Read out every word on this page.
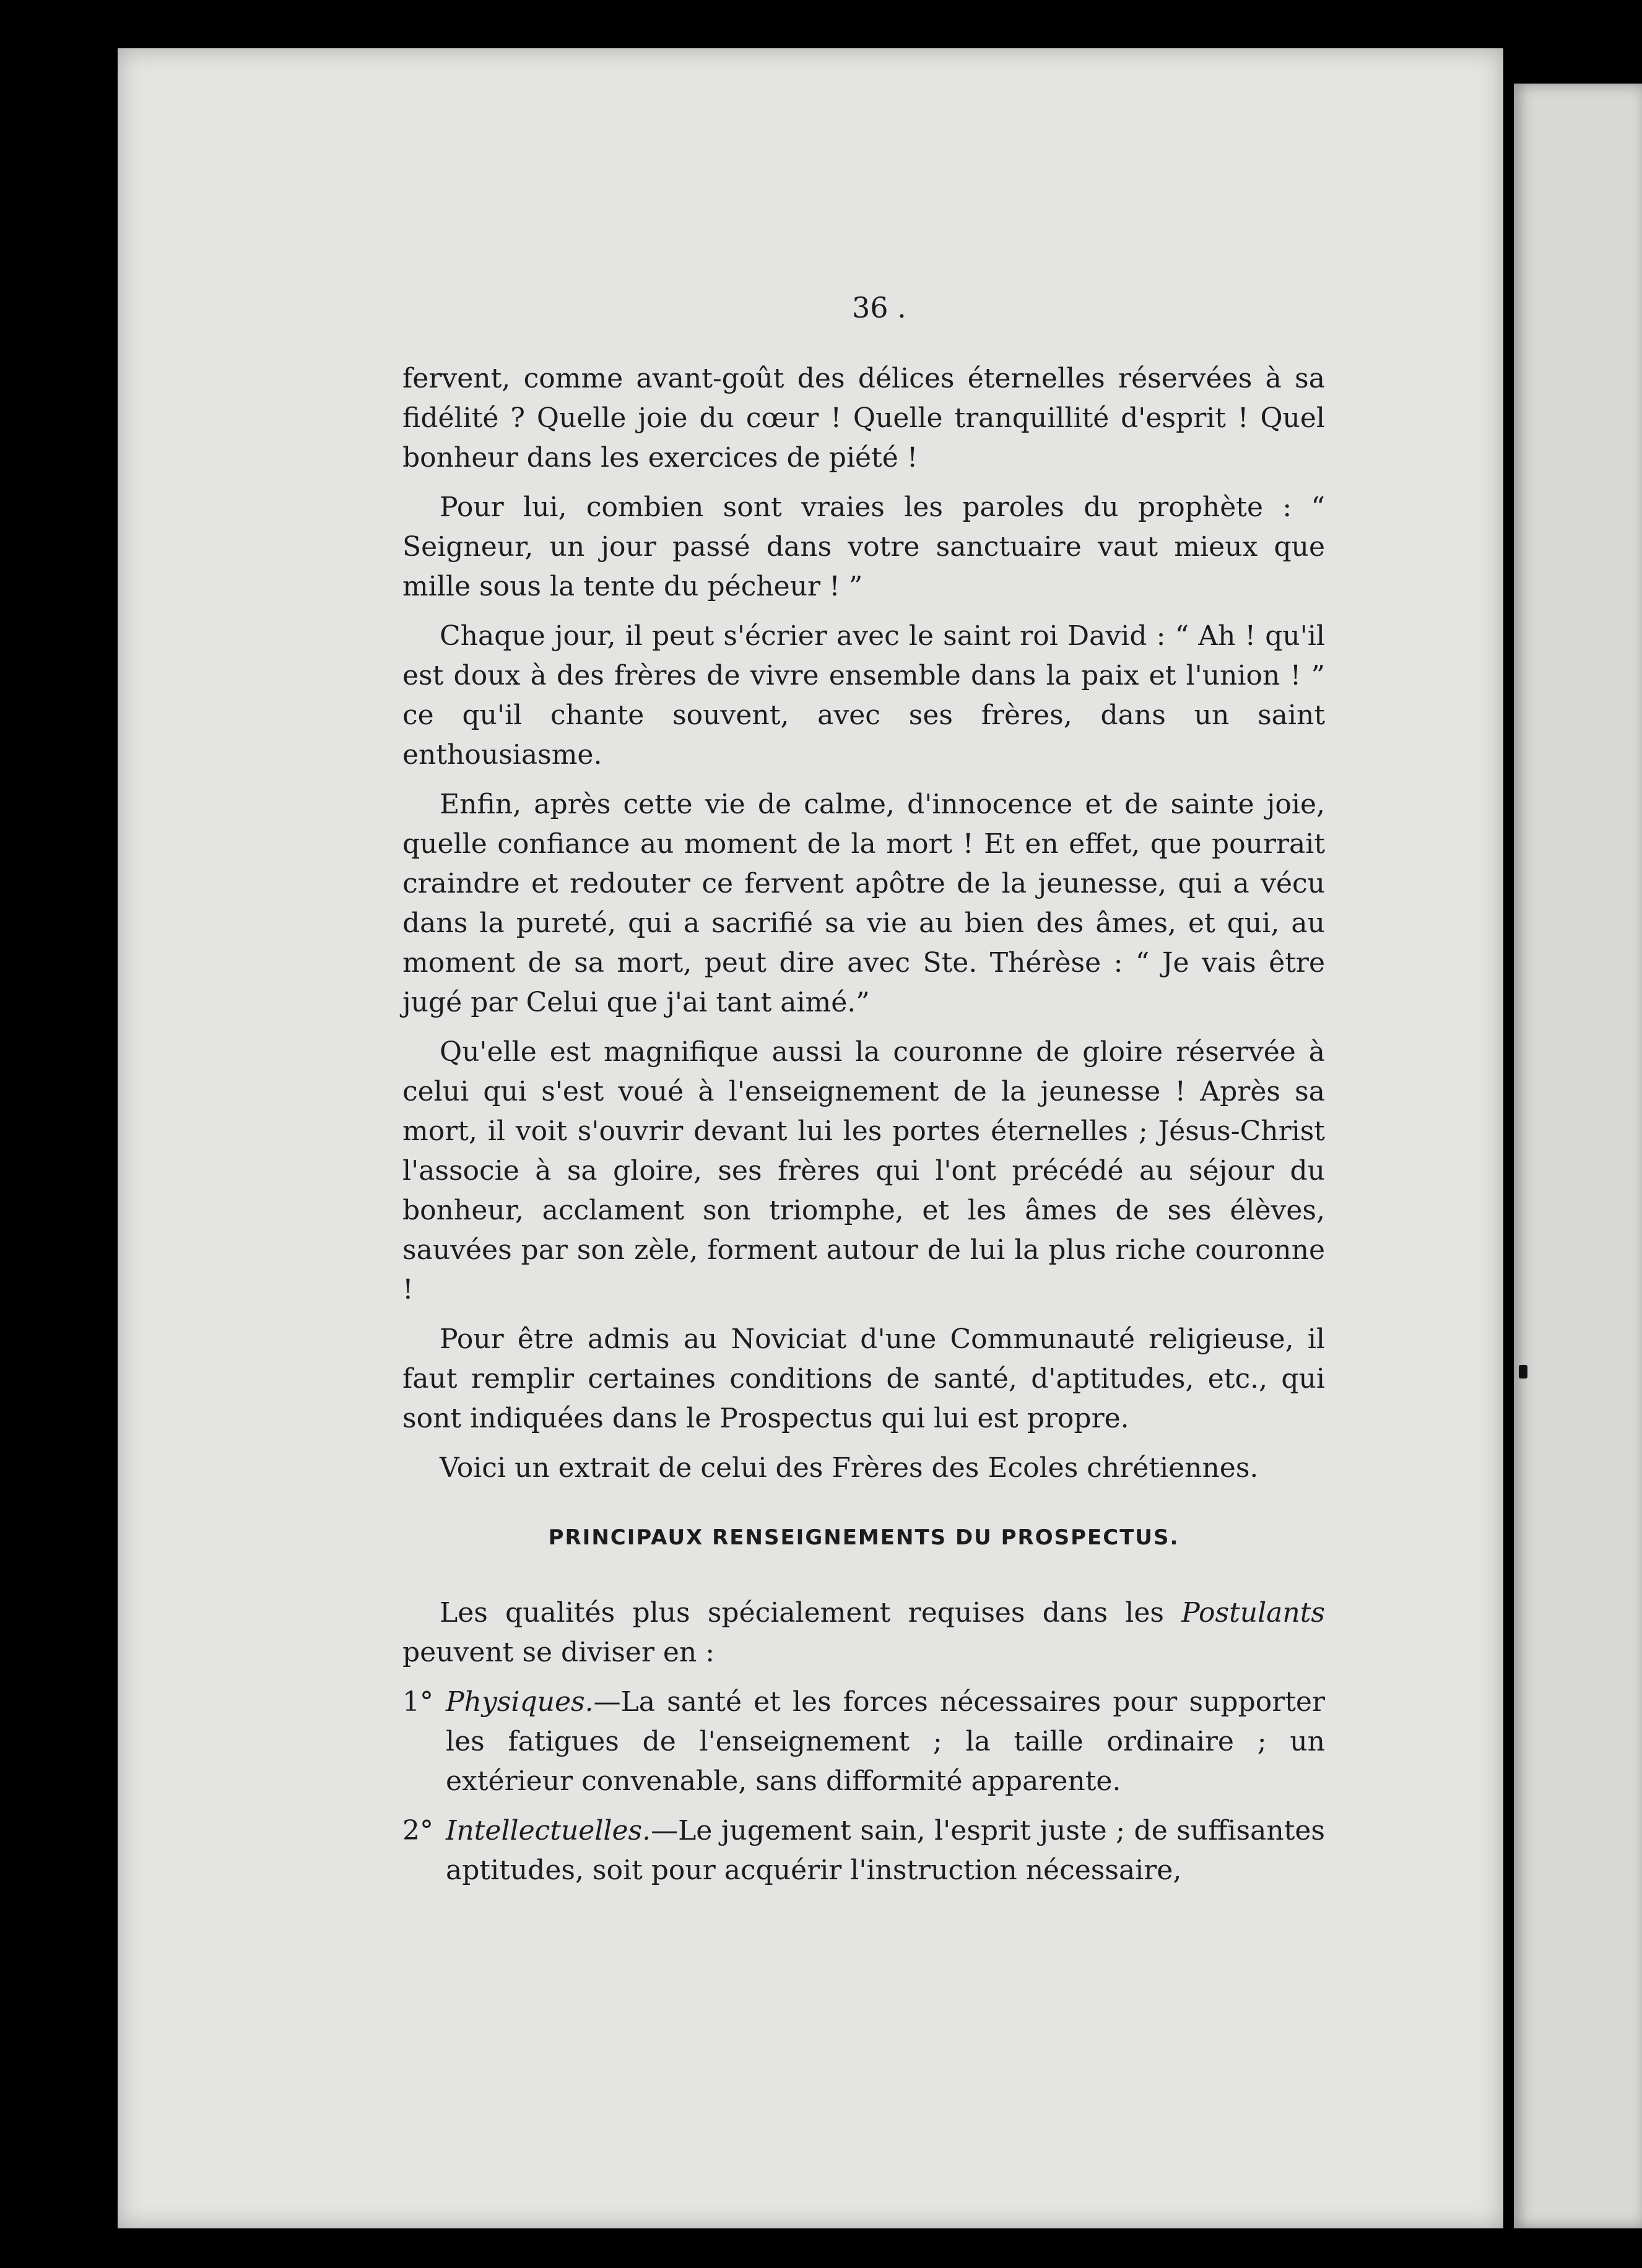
36 .

fervent, comme avant-goût des délices éternelles réservées à sa fidélité ? Quelle joie du cœur ! Quelle tranquillité d'esprit ! Quel bonheur dans les exercices de piété !

Pour lui, combien sont vraies les paroles du prophète : “ Seigneur, un jour passé dans votre sanctuaire vaut mieux que mille sous la tente du pécheur ! ”

Chaque jour, il peut s'écrier avec le saint roi David : “ Ah ! qu'il est doux à des frères de vivre ensemble dans la paix et l'union ! ” ce qu'il chante souvent, avec ses frères, dans un saint enthousiasme.

Enfin, après cette vie de calme, d'innocence et de sainte joie, quelle confiance au moment de la mort ! Et en effet, que pourrait craindre et redouter ce fervent apôtre de la jeunesse, qui a vécu dans la pureté, qui a sacrifié sa vie au bien des âmes, et qui, au moment de sa mort, peut dire avec Ste. Thérèse : “ Je vais être jugé par Celui que j'ai tant aimé.”

Qu'elle est magnifique aussi la couronne de gloire réservée à celui qui s'est voué à l'enseignement de la jeunesse ! Après sa mort, il voit s'ouvrir devant lui les portes éternelles ; Jésus-Christ l'associe à sa gloire, ses frères qui l'ont précédé au séjour du bonheur, acclament son triomphe, et les âmes de ses élèves, sauvées par son zèle, forment autour de lui la plus riche couronne !

Pour être admis au Noviciat d'une Communauté religieuse, il faut remplir certaines conditions de santé, d'aptitudes, etc., qui sont indiquées dans le Prospectus qui lui est propre.

Voici un extrait de celui des Frères des Ecoles chrétiennes.

PRINCIPAUX RENSEIGNEMENTS DU PROSPECTUS.

Les qualités plus spécialement requises dans les Postulants peuvent se diviser en :

1° Physiques.—La santé et les forces nécessaires pour supporter les fatigues de l'enseignement ; la taille ordinaire ; un extérieur convenable, sans difformité apparente.

2° Intellectuelles.—Le jugement sain, l'esprit juste ; de suffisantes aptitudes, soit pour acquérir l'instruction nécessaire,
